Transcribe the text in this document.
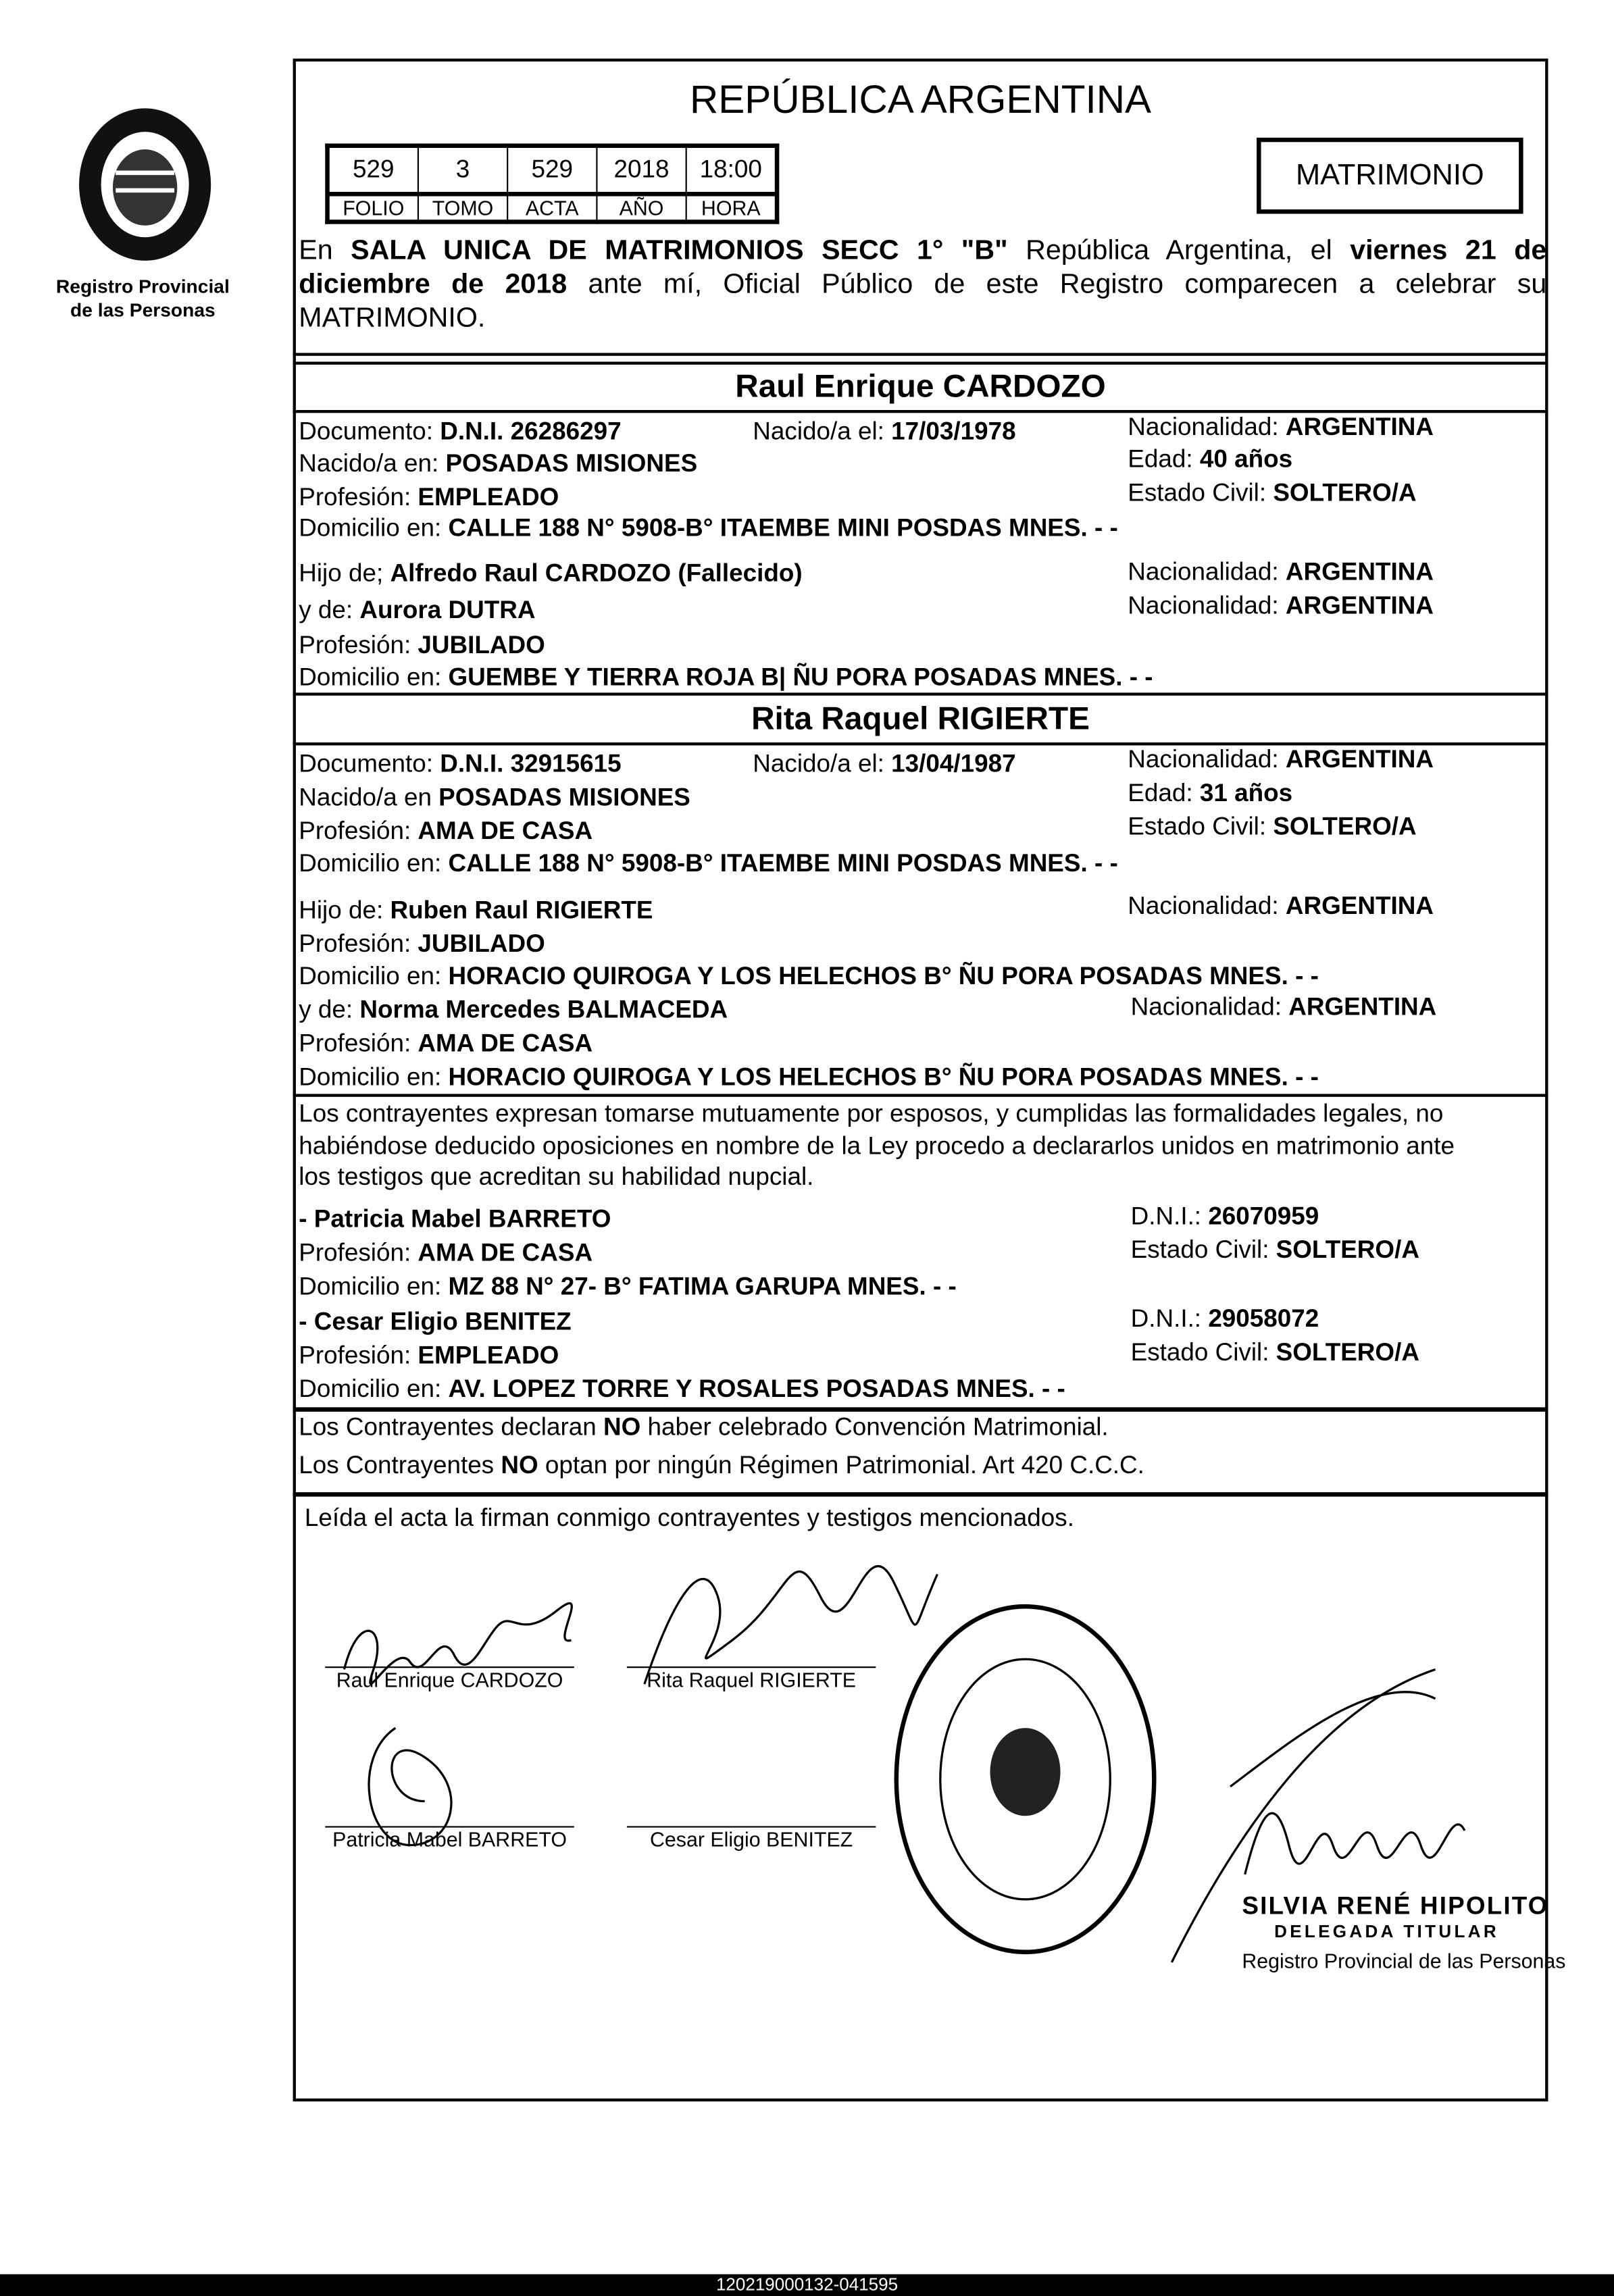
Registro Provincial
de las Personas
REPÚBLICA ARGENTINA
529	3	529	2018	18:00
FOLIO	TOMO	ACTA	AÑO	HORA
MATRIMONIO
En SALA UNICA DE MATRIMONIOS SECC 1° "B" República Argentina, el viernes 21 de diciembre de 2018 ante mí, Oficial Público de este Registro comparecen a celebrar su MATRIMONIO.
Raul Enrique CARDOZO
Documento: D.N.I. 26286297	Nacido/a el: 17/03/1978	Nacionalidad: ARGENTINA
Nacido/a en: POSADAS MISIONES	Edad: 40 años
Profesión: EMPLEADO	Estado Civil: SOLTERO/A
Domicilio en: CALLE 188 N° 5908-B° ITAEMBE MINI POSDAS MNES. - -
Hijo de; Alfredo Raul CARDOZO (Fallecido)	Nacionalidad: ARGENTINA
y de: Aurora DUTRA	Nacionalidad: ARGENTINA
Profesión: JUBILADO
Domicilio en: GUEMBE Y TIERRA ROJA B| ÑU PORA POSADAS MNES. - -
Rita Raquel RIGIERTE
Documento: D.N.I. 32915615	Nacido/a el: 13/04/1987	Nacionalidad: ARGENTINA
Nacido/a en POSADAS MISIONES	Edad: 31 años
Profesión: AMA DE CASA	Estado Civil: SOLTERO/A
Domicilio en: CALLE 188 N° 5908-B° ITAEMBE MINI POSDAS MNES. - -
Hijo de: Ruben Raul RIGIERTE	Nacionalidad: ARGENTINA
Profesión: JUBILADO
Domicilio en: HORACIO QUIROGA Y LOS HELECHOS B° ÑU PORA POSADAS MNES. - -
y de: Norma Mercedes BALMACEDA	Nacionalidad: ARGENTINA
Profesión: AMA DE CASA
Domicilio en: HORACIO QUIROGA Y LOS HELECHOS B° ÑU PORA POSADAS MNES. - -
Los contrayentes expresan tomarse mutuamente por esposos, y cumplidas las formalidades legales, no
habiéndose deducido oposiciones en nombre de la Ley procedo a declararlos unidos en matrimonio ante
los testigos que acreditan su habilidad nupcial.
- Patricia Mabel BARRETO	D.N.I.: 26070959
Profesión: AMA DE CASA	Estado Civil: SOLTERO/A
Domicilio en: MZ 88 N° 27- B° FATIMA GARUPA MNES. - -
- Cesar Eligio BENITEZ	D.N.I.: 29058072
Profesión: EMPLEADO	Estado Civil: SOLTERO/A
Domicilio en: AV. LOPEZ TORRE Y ROSALES POSADAS MNES. - -
Los Contrayentes declaran NO haber celebrado Convención Matrimonial.
Los Contrayentes NO optan por ningún Régimen Patrimonial. Art 420 C.C.C.
Leída el acta la firman conmigo contrayentes y testigos mencionados.
Raul Enrique CARDOZO	Rita Raquel RIGIERTE
Patricia Mabel BARRETO	Cesar Eligio BENITEZ
SILVIA RENÉ HIPOLITO
DELEGADA TITULAR
Registro Provincial de las Personas
120219000132-041595
